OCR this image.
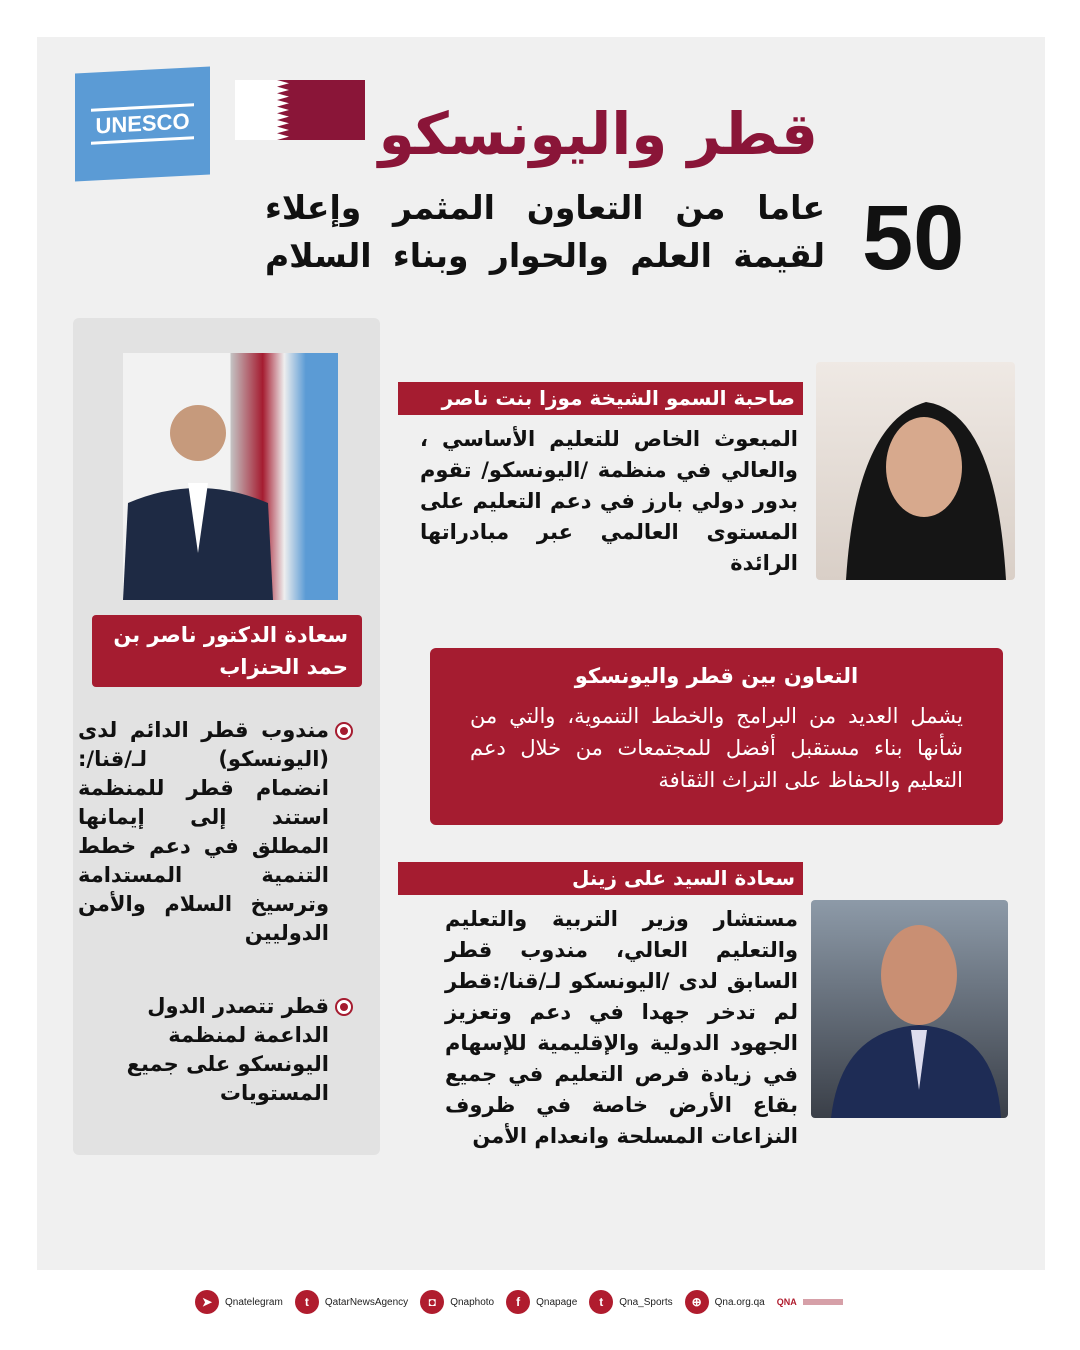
UNESCO	قطر واليونسكو
50
عاما من التعاون المثمر وإعلاء
لقيمة العلم والحوار وبناء السلام
سعادة الدكتور ناصر بن
حمد الحنزاب
مندوب قطر الدائم لدى (اليونسكو) لـ/قنا/: انضمام قطر للمنظمة استند إلى إيمانها المطلق في دعم خطط التنمية المستدامة وترسيخ السلام والأمن الدوليين
قطر تتصدر الدول الداعمة لمنظمة اليونسكو على جميع المستويات
صاحبة السمو الشيخة موزا بنت ناصر
المبعوث الخاص للتعليم الأساسي ، والعالي في منظمة /اليونسكو/ تقوم بدور دولي بارز في دعم التعليم على المستوى العالمي عبر مبادراتها الرائدة
التعاون بين قطر واليونسكو
يشمل العديد من البرامج والخطط التنموية، والتي من شأنها بناء مستقبل أفضل للمجتمعات من خلال دعم التعليم والحفاظ على التراث الثقافة
سعادة السيد على زينل
مستشار وزير التربية والتعليم والتعليم العالي، مندوب قطر السابق لدى /اليونسكو لـ/قنا/:قطر لم تدخر جهدا في دعم وتعزيز الجهود الدولية والإقليمية للإسهام في زيادة فرص التعليم في جميع بقاع الأرض خاصة في ظروف النزاعات المسلحة وانعدام الأمن
➤	Qnatelegram	t	QatarNewsAgency	◘	Qnaphoto	f	Qnapage	t	Qna_Sports	⊕	Qna.org.qa QNA
